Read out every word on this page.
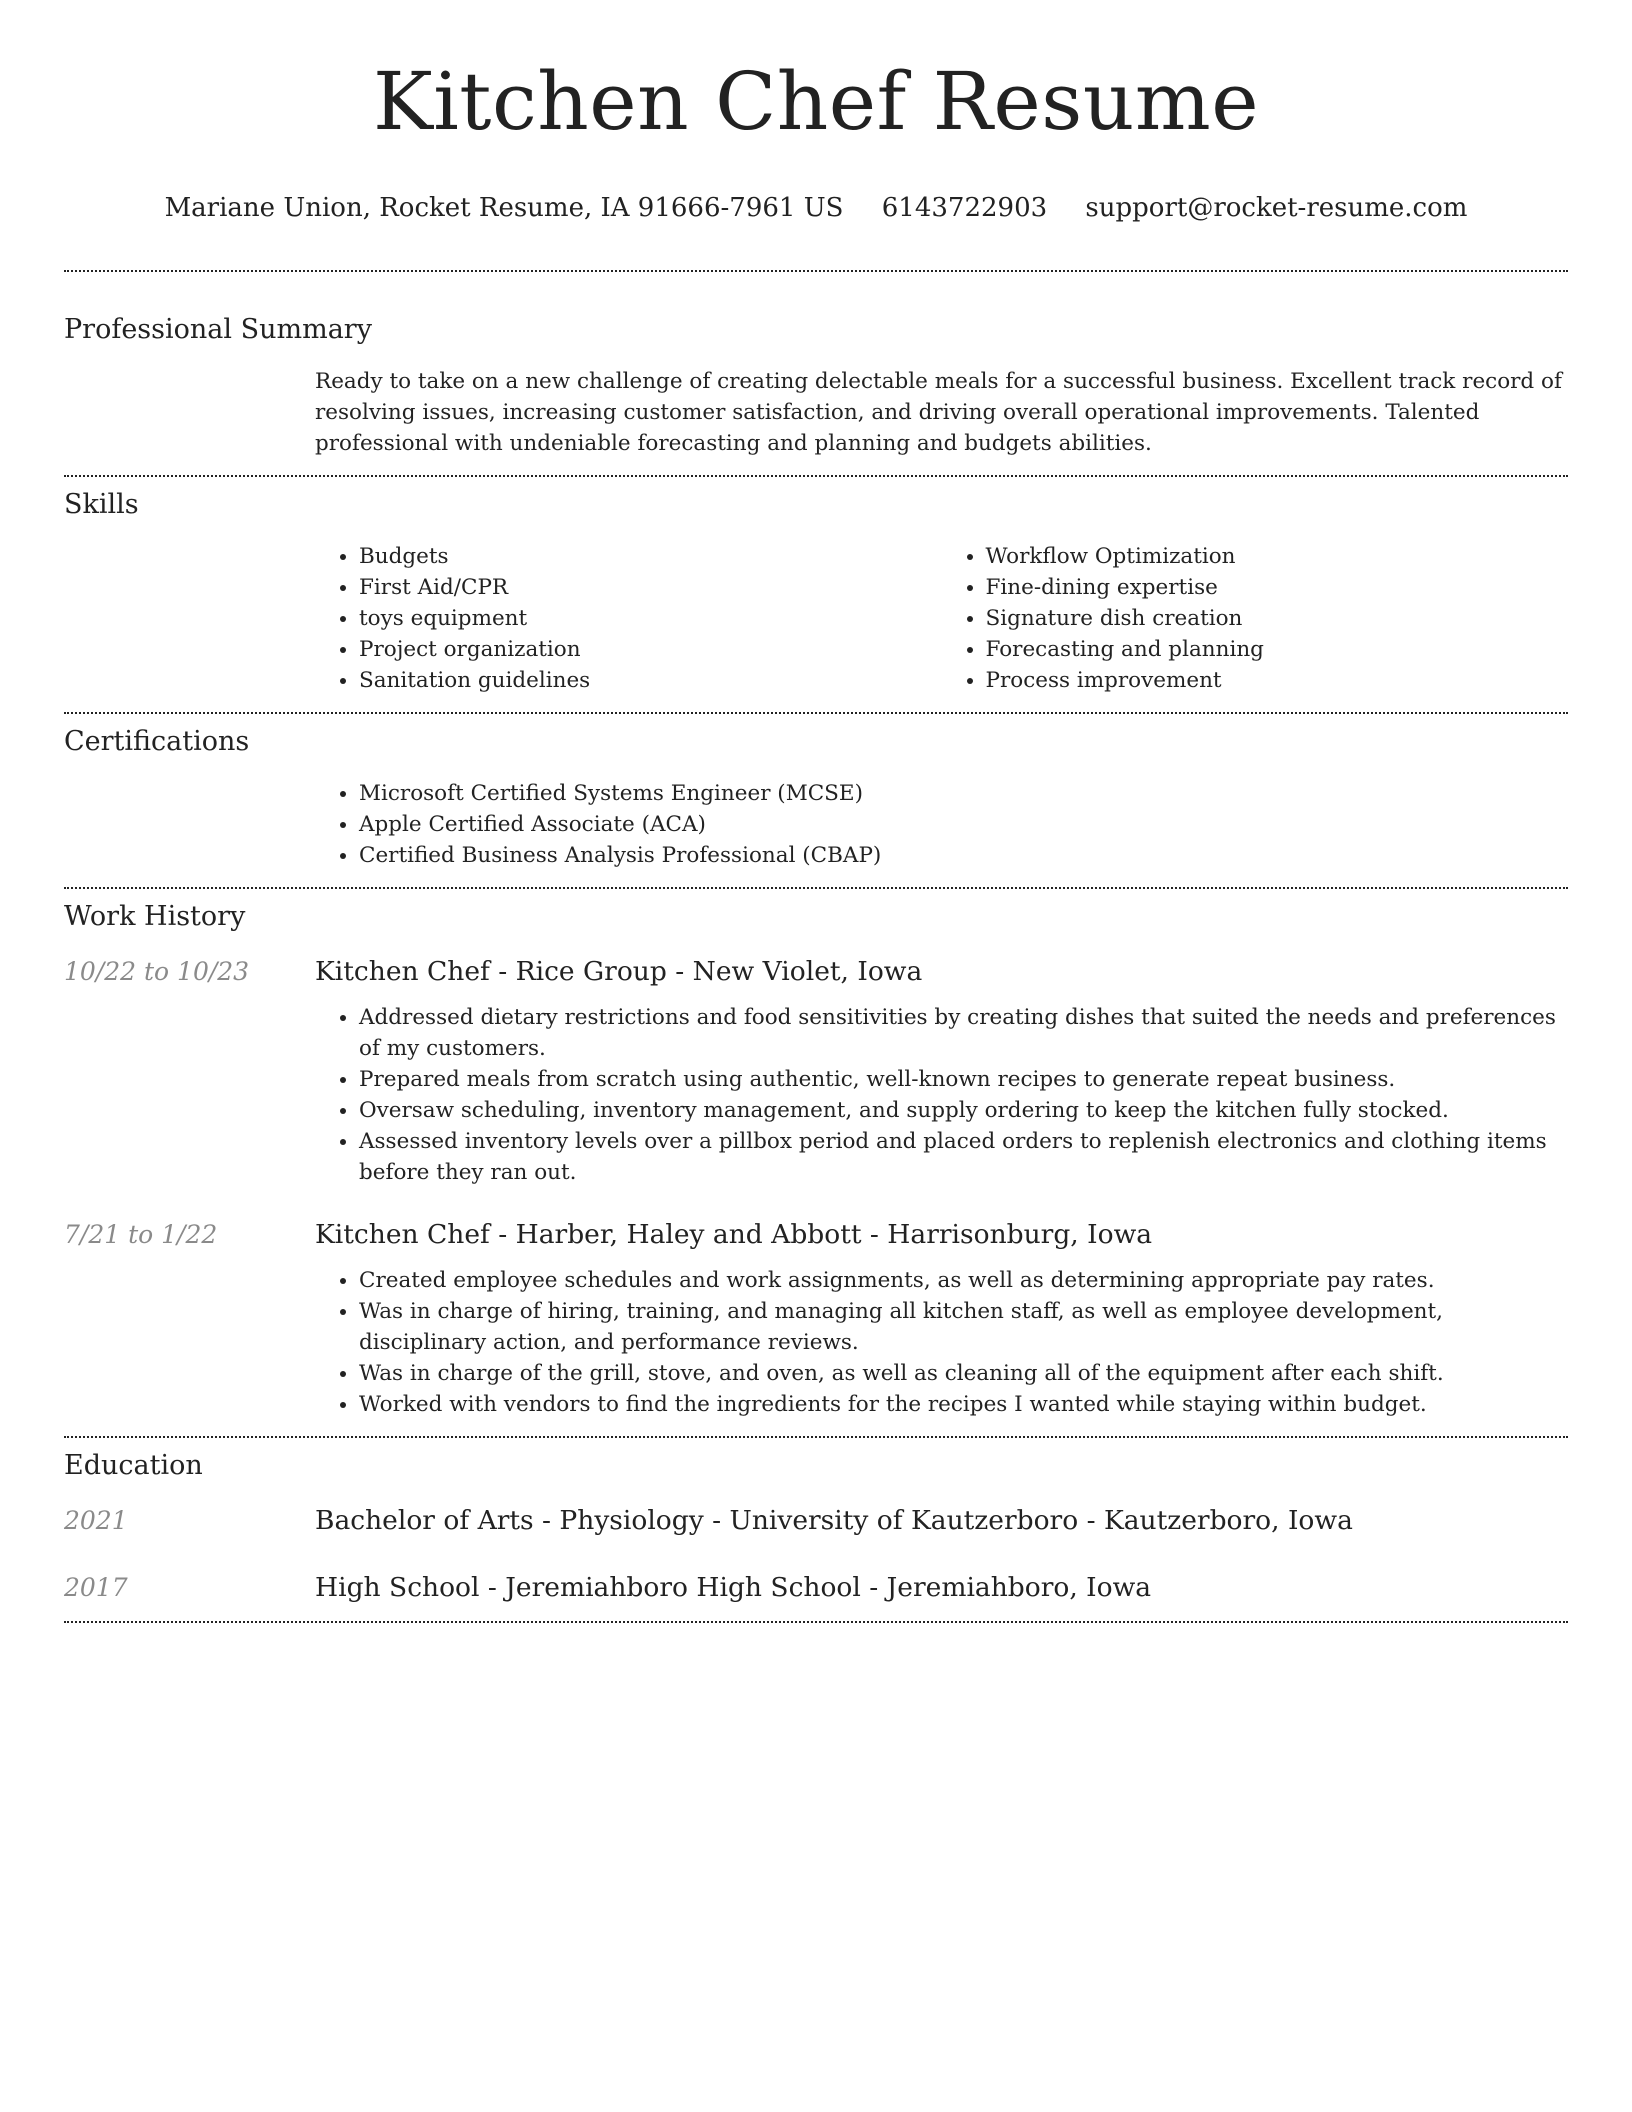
Kitchen Chef Resume
Mariane Union, Rocket Resume, IA 91666-7961 US 6143722903 support@rocket-resume.com
Professional Summary

Ready to take on a new challenge of creating delectable meals for a successful business. Excellent track record of resolving issues, increasing customer satisfaction, and driving overall operational improvements. Talented professional with undeniable forecasting and planning and budgets abilities.

Skills
• Budgets
• First Aid/CPR
• toys equipment
• Project organization
• Sanitation guidelines
• Workflow Optimization
• Fine-dining expertise
• Signature dish creation
• Forecasting and planning
• Process improvement
Certifications
• Microsoft Certified Systems Engineer (MCSE)
• Apple Certified Associate (ACA)
• Certified Business Analysis Professional (CBAP)
Work History
10/22 to 10/23	Kitchen Chef - Rice Group - New Violet, Iowa
• Addressed dietary restrictions and food sensitivities by creating dishes that suited the needs and preferences of my customers.
• Prepared meals from scratch using authentic, well-known recipes to generate repeat business.
• Oversaw scheduling, inventory management, and supply ordering to keep the kitchen fully stocked.
• Assessed inventory levels over a pillbox period and placed orders to replenish electronics and clothing items before they ran out.
7/21 to 1/22	Kitchen Chef - Harber, Haley and Abbott - Harrisonburg, Iowa
• Created employee schedules and work assignments, as well as determining appropriate pay rates.
• Was in charge of hiring, training, and managing all kitchen staff, as well as employee development, disciplinary action, and performance reviews.
• Was in charge of the grill, stove, and oven, as well as cleaning all of the equipment after each shift.
• Worked with vendors to find the ingredients for the recipes I wanted while staying within budget.
Education
2021	Bachelor of Arts - Physiology - University of Kautzerboro - Kautzerboro, Iowa
2017	High School - Jeremiahboro High School - Jeremiahboro, Iowa
